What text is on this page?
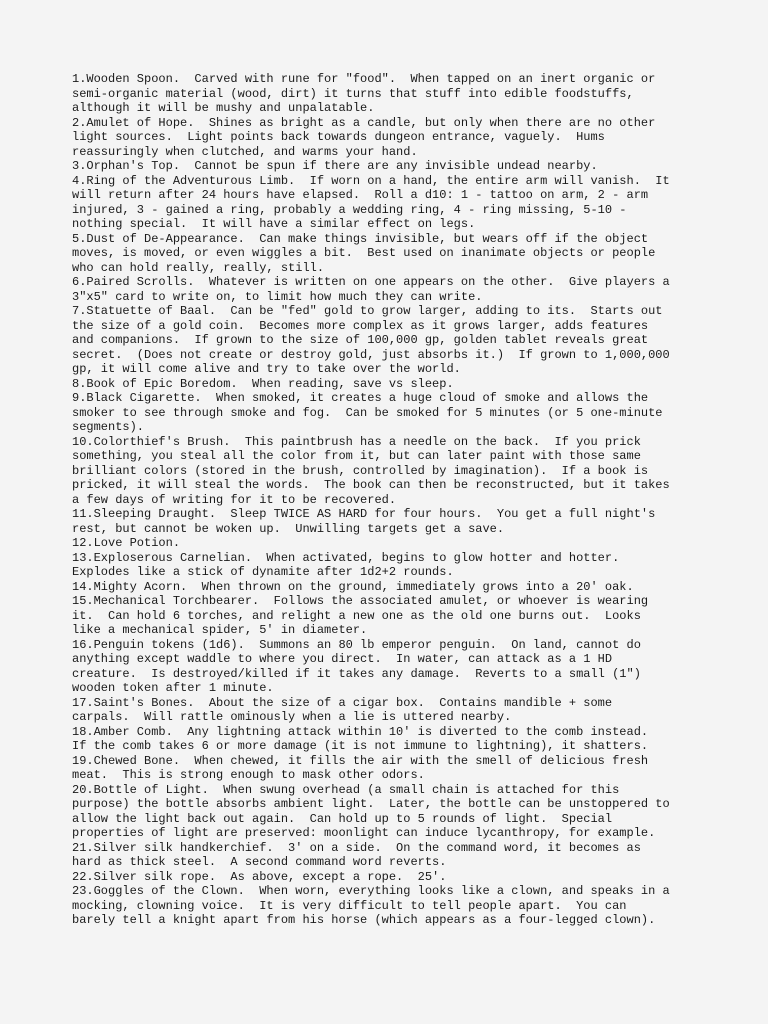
1.Wooden Spoon.  Carved with rune for "food".  When tapped on an inert organic or
semi-organic material (wood, dirt) it turns that stuff into edible foodstuffs,
although it will be mushy and unpalatable.
2.Amulet of Hope.  Shines as bright as a candle, but only when there are no other
light sources.  Light points back towards dungeon entrance, vaguely.  Hums
reassuringly when clutched, and warms your hand.
3.Orphan's Top.  Cannot be spun if there are any invisible undead nearby.
4.Ring of the Adventurous Limb.  If worn on a hand, the entire arm will vanish.  It
will return after 24 hours have elapsed.  Roll a d10: 1 - tattoo on arm, 2 - arm
injured, 3 - gained a ring, probably a wedding ring, 4 - ring missing, 5-10 -
nothing special.  It will have a similar effect on legs.
5.Dust of De-Appearance.  Can make things invisible, but wears off if the object
moves, is moved, or even wiggles a bit.  Best used on inanimate objects or people
who can hold really, really, still.
6.Paired Scrolls.  Whatever is written on one appears on the other.  Give players a
3"x5" card to write on, to limit how much they can write.
7.Statuette of Baal.  Can be "fed" gold to grow larger, adding to its.  Starts out
the size of a gold coin.  Becomes more complex as it grows larger, adds features
and companions.  If grown to the size of 100,000 gp, golden tablet reveals great
secret.  (Does not create or destroy gold, just absorbs it.)  If grown to 1,000,000
gp, it will come alive and try to take over the world.
8.Book of Epic Boredom.  When reading, save vs sleep.
9.Black Cigarette.  When smoked, it creates a huge cloud of smoke and allows the
smoker to see through smoke and fog.  Can be smoked for 5 minutes (or 5 one-minute
segments).
10.Colorthief's Brush.  This paintbrush has a needle on the back.  If you prick
something, you steal all the color from it, but can later paint with those same
brilliant colors (stored in the brush, controlled by imagination).  If a book is
pricked, it will steal the words.  The book can then be reconstructed, but it takes
a few days of writing for it to be recovered.
11.Sleeping Draught.  Sleep TWICE AS HARD for four hours.  You get a full night's
rest, but cannot be woken up.  Unwilling targets get a save.
12.Love Potion.
13.Exploserous Carnelian.  When activated, begins to glow hotter and hotter.
Explodes like a stick of dynamite after 1d2+2 rounds.
14.Mighty Acorn.  When thrown on the ground, immediately grows into a 20' oak.
15.Mechanical Torchbearer.  Follows the associated amulet, or whoever is wearing
it.  Can hold 6 torches, and relight a new one as the old one burns out.  Looks
like a mechanical spider, 5' in diameter.
16.Penguin tokens (1d6).  Summons an 80 lb emperor penguin.  On land, cannot do
anything except waddle to where you direct.  In water, can attack as a 1 HD
creature.  Is destroyed/killed if it takes any damage.  Reverts to a small (1")
wooden token after 1 minute.
17.Saint's Bones.  About the size of a cigar box.  Contains mandible + some
carpals.  Will rattle ominously when a lie is uttered nearby.
18.Amber Comb.  Any lightning attack within 10' is diverted to the comb instead.
If the comb takes 6 or more damage (it is not immune to lightning), it shatters.
19.Chewed Bone.  When chewed, it fills the air with the smell of delicious fresh
meat.  This is strong enough to mask other odors.
20.Bottle of Light.  When swung overhead (a small chain is attached for this
purpose) the bottle absorbs ambient light.  Later, the bottle can be unstoppered to
allow the light back out again.  Can hold up to 5 rounds of light.  Special
properties of light are preserved: moonlight can induce lycanthropy, for example.
21.Silver silk handkerchief.  3' on a side.  On the command word, it becomes as
hard as thick steel.  A second command word reverts.
22.Silver silk rope.  As above, except a rope.  25'.
23.Goggles of the Clown.  When worn, everything looks like a clown, and speaks in a
mocking, clowning voice.  It is very difficult to tell people apart.  You can
barely tell a knight apart from his horse (which appears as a four-legged clown).
